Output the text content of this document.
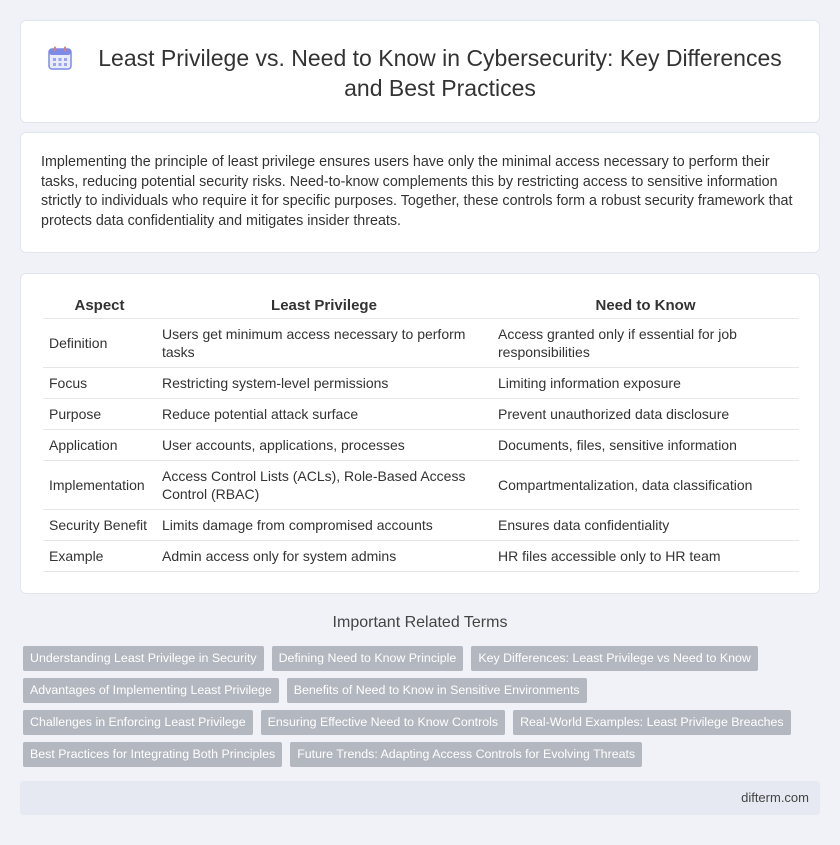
Least Privilege vs. Need to Know in Cybersecurity: Key Differences and Best Practices

Implementing the principle of least privilege ensures users have only the minimal access necessary to perform their tasks, reducing potential security risks. Need-to-know complements this by restricting access to sensitive information strictly to individuals who require it for specific purposes. Together, these controls form a robust security framework that protects data confidentiality and mitigates insider threats.

Aspect	Least Privilege	Need to Know
Definition	Users get minimum access necessary to perform tasks	Access granted only if essential for job responsibilities
Focus	Restricting system-level permissions	Limiting information exposure
Purpose	Reduce potential attack surface	Prevent unauthorized data disclosure
Application	User accounts, applications, processes	Documents, files, sensitive information
Implementation	Access Control Lists (ACLs), Role-Based Access Control (RBAC)	Compartmentalization, data classification
Security Benefit	Limits damage from compromised accounts	Ensures data confidentiality
Example	Admin access only for system admins	HR files accessible only to HR team
Important Related Terms
Understanding Least Privilege in Security	Defining Need to Know Principle	Key Differences: Least Privilege vs Need to Know
Advantages of Implementing Least Privilege	Benefits of Need to Know in Sensitive Environments
Challenges in Enforcing Least Privilege	Ensuring Effective Need to Know Controls	Real-World Examples: Least Privilege Breaches
Best Practices for Integrating Both Principles	Future Trends: Adapting Access Controls for Evolving Threats
difterm.com
